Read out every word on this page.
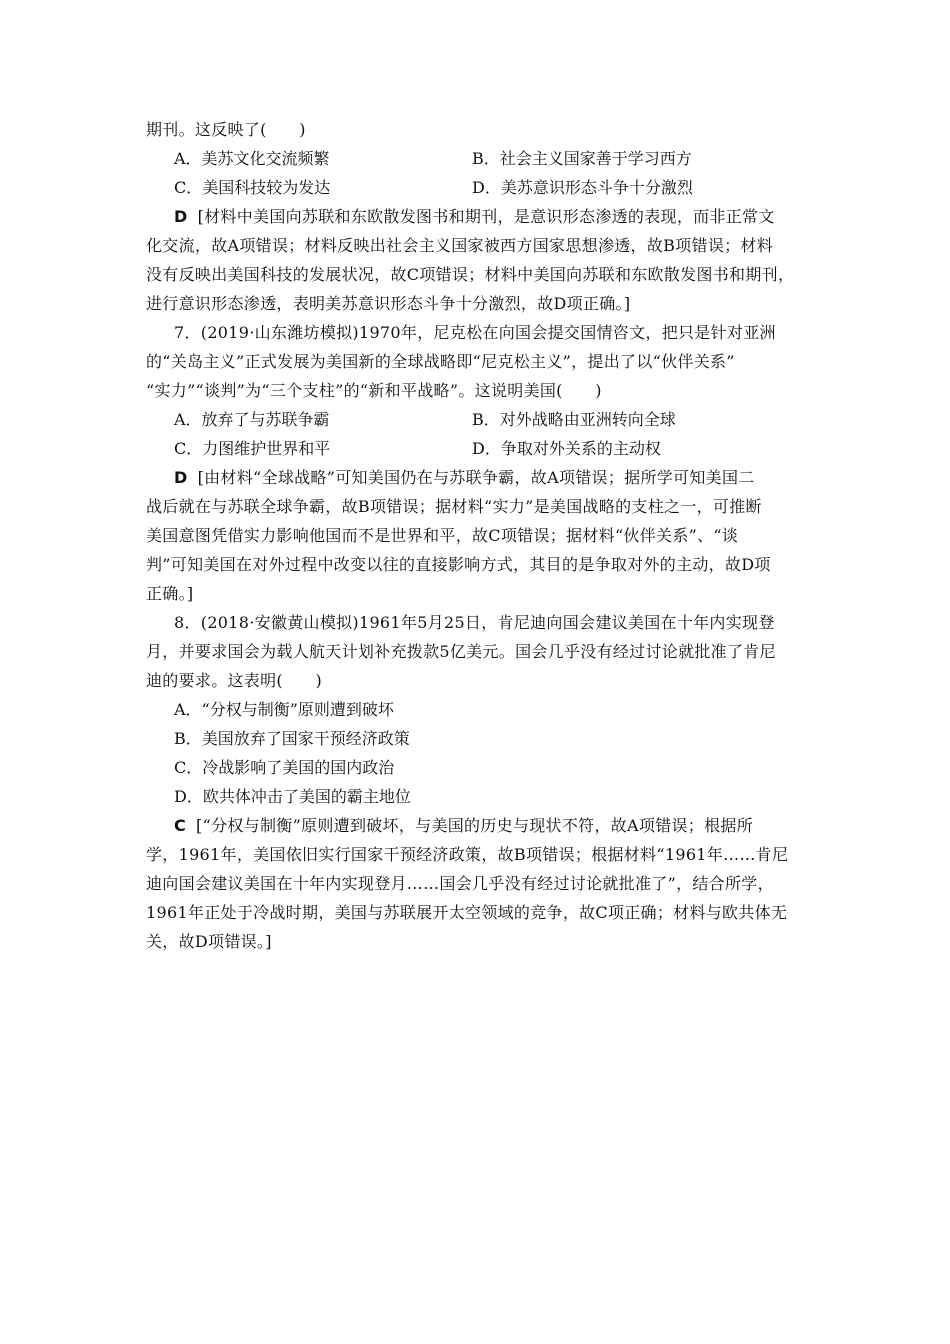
期刊。这反映了(　　)
A．美苏文化交流频繁	B．社会主义国家善于学习西方
C．美国科技较为发达	D．美苏意识形态斗争十分激烈
D [材料中美国向苏联和东欧散发图书和期刊，是意识形态渗透的表现，而非正常文
化交流，故A项错误；材料反映出社会主义国家被西方国家思想渗透，故B项错误；材料
没有反映出美国科技的发展状况，故C项错误；材料中美国向苏联和东欧散发图书和期刊，
进行意识形态渗透，表明美苏意识形态斗争十分激烈，故D项正确。]
7．(2019·山东潍坊模拟)1970年，尼克松在向国会提交国情咨文，把只是针对亚洲
的“关岛主义”正式发展为美国新的全球战略即“尼克松主义”，提出了以“伙伴关系”
“实力”“谈判”为“三个支柱”的“新和平战略”。这说明美国(　　)
A．放弃了与苏联争霸	B．对外战略由亚洲转向全球
C．力图维护世界和平	D．争取对外关系的主动权
D [由材料“全球战略”可知美国仍在与苏联争霸，故A项错误；据所学可知美国二
战后就在与苏联全球争霸，故B项错误；据材料“实力”是美国战略的支柱之一，可推断
美国意图凭借实力影响他国而不是世界和平，故C项错误；据材料“伙伴关系”、“谈
判”可知美国在对外过程中改变以往的直接影响方式，其目的是争取对外的主动，故D项
正确。]
8．(2018·安徽黄山模拟)1961年5月25日，肯尼迪向国会建议美国在十年内实现登
月，并要求国会为载人航天计划补充拨款5亿美元。国会几乎没有经过讨论就批准了肯尼
迪的要求。这表明(　　)
A．“分权与制衡”原则遭到破坏
B．美国放弃了国家干预经济政策
C．冷战影响了美国的国内政治
D．欧共体冲击了美国的霸主地位
C [“分权与制衡”原则遭到破坏，与美国的历史与现状不符，故A项错误；根据所
学，1961年，美国依旧实行国家干预经济政策，故B项错误；根据材料“1961年……肯尼
迪向国会建议美国在十年内实现登月……国会几乎没有经过讨论就批准了”，结合所学，
1961年正处于冷战时期，美国与苏联展开太空领域的竞争，故C项正确；材料与欧共体无
关，故D项错误。]
